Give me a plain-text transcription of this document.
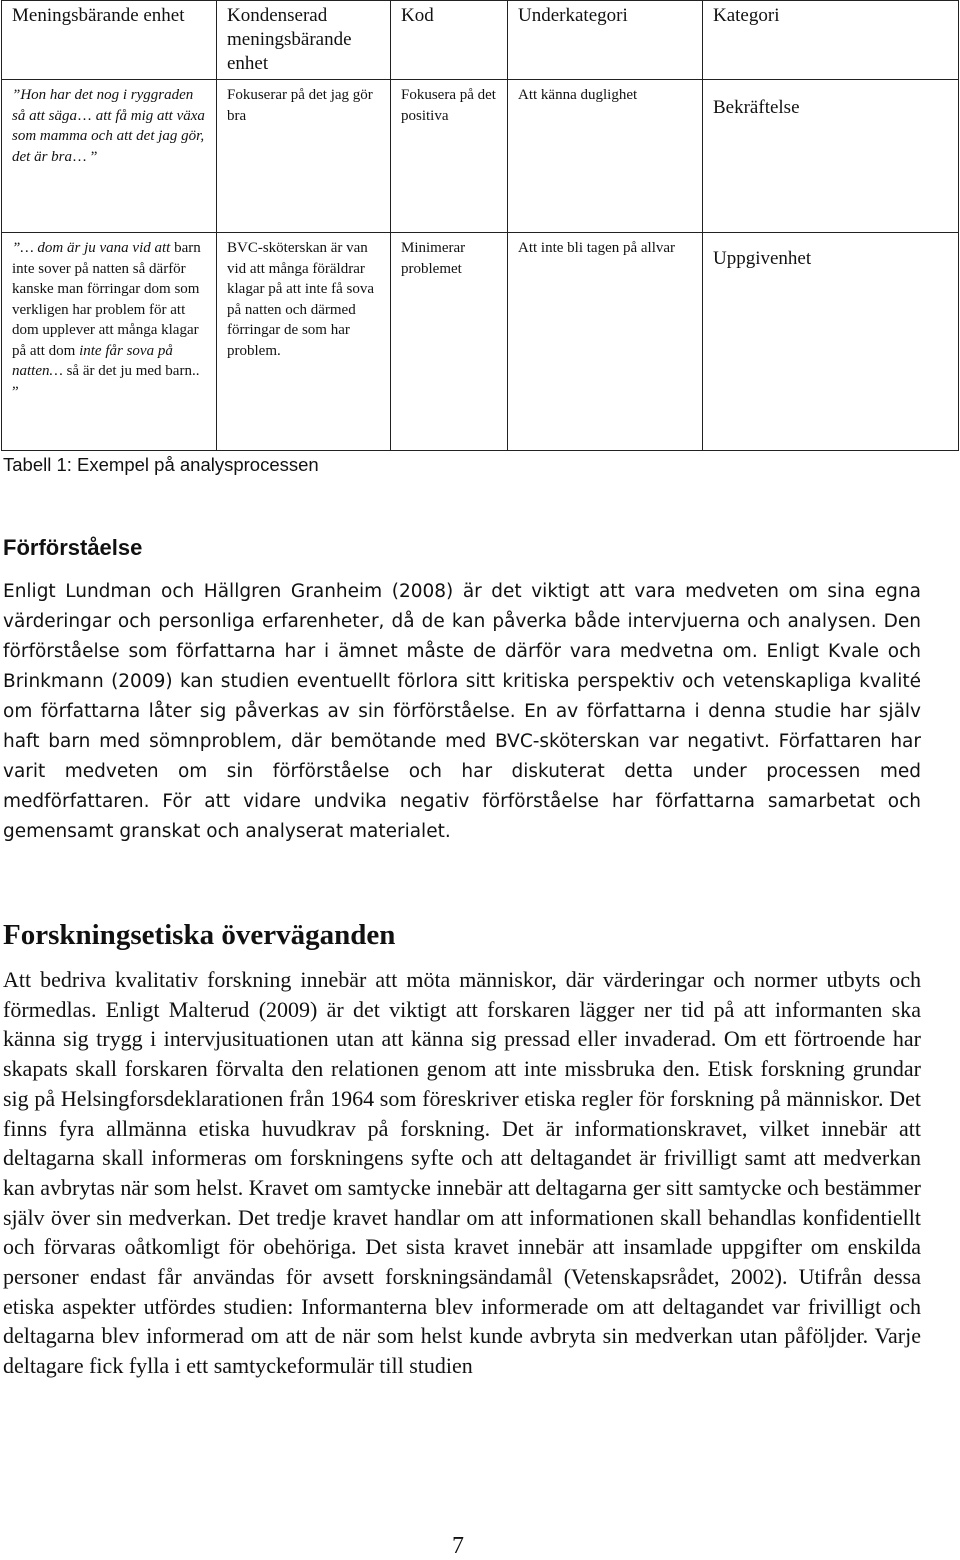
Meningsbärande enhet	Kondenserad meningsbärande enhet	Kod	Underkategori	Kategori
”Hon har det nog i ryggraden så att säga… att få mig att växa som mamma och att det jag gör, det är bra… ”	Fokuserar på det jag gör bra	Fokusera på det positiva	Att känna duglighet	Bekräftelse
”… dom är ju vana vid att barn inte sover på natten så därför kanske man förringar dom som verkligen har problem för att dom upplever att många klagar på att dom inte får sova på natten… så är det ju med barn.. ”	BVC-sköterskan är van vid att många föräldrar klagar på att inte få sova på natten och därmed förringar de som har problem.	Minimerar problemet	Att inte bli tagen på allvar	Uppgivenhet
Tabell 1: Exempel på analysprocessen
Förförståelse

Enligt Lundman och Hällgren Granheim (2008) är det viktigt att vara medveten om sina egna värderingar och personliga erfarenheter, då de kan påverka både intervjuerna och analysen. Den förförståelse som författarna har i ämnet måste de därför vara medvetna om. Enligt Kvale och Brinkmann (2009) kan studien eventuellt förlora sitt kritiska perspektiv och vetenskapliga kvalité om författarna låter sig påverkas av sin förförståelse. En av författarna i denna studie har själv haft barn med sömnproblem, där bemötande med BVC-sköterskan var negativt. Författaren har varit medveten om sin förförståelse och har diskuterat detta under processen med medförfattaren. För att vidare undvika negativ förförståelse har författarna samarbetat och gemensamt granskat och analyserat materialet.

Forskningsetiska överväganden

Att bedriva kvalitativ forskning innebär att möta människor, där värderingar och normer utbyts och förmedlas. Enligt Malterud (2009) är det viktigt att forskaren lägger ner tid på att informanten ska känna sig trygg i intervjusituationen utan att känna sig pressad eller invaderad. Om ett förtroende har skapats skall forskaren förvalta den relationen genom att inte missbruka den. Etisk forskning grundar sig på Helsingforsdeklarationen från 1964 som föreskriver etiska regler för forskning på människor. Det finns fyra allmänna etiska huvudkrav på forskning. Det är informationskravet, vilket innebär att deltagarna skall informeras om forskningens syfte och att deltagandet är frivilligt samt att medverkan kan avbrytas när som helst. Kravet om samtycke innebär att deltagarna ger sitt samtycke och bestämmer själv över sin medverkan. Det tredje kravet handlar om att informationen skall behandlas konfidentiellt och förvaras oåtkomligt för obehöriga. Det sista kravet innebär att insamlade uppgifter om enskilda personer endast får användas för avsett forskningsändamål (Vetenskapsrådet, 2002). Utifrån dessa etiska aspekter utfördes studien: Informanterna blev informerade om att deltagandet var frivilligt och deltagarna blev informerad om att de när som helst kunde avbryta sin medverkan utan påföljder. Varje deltagare fick fylla i ett samtyckeformulär till studien

7
